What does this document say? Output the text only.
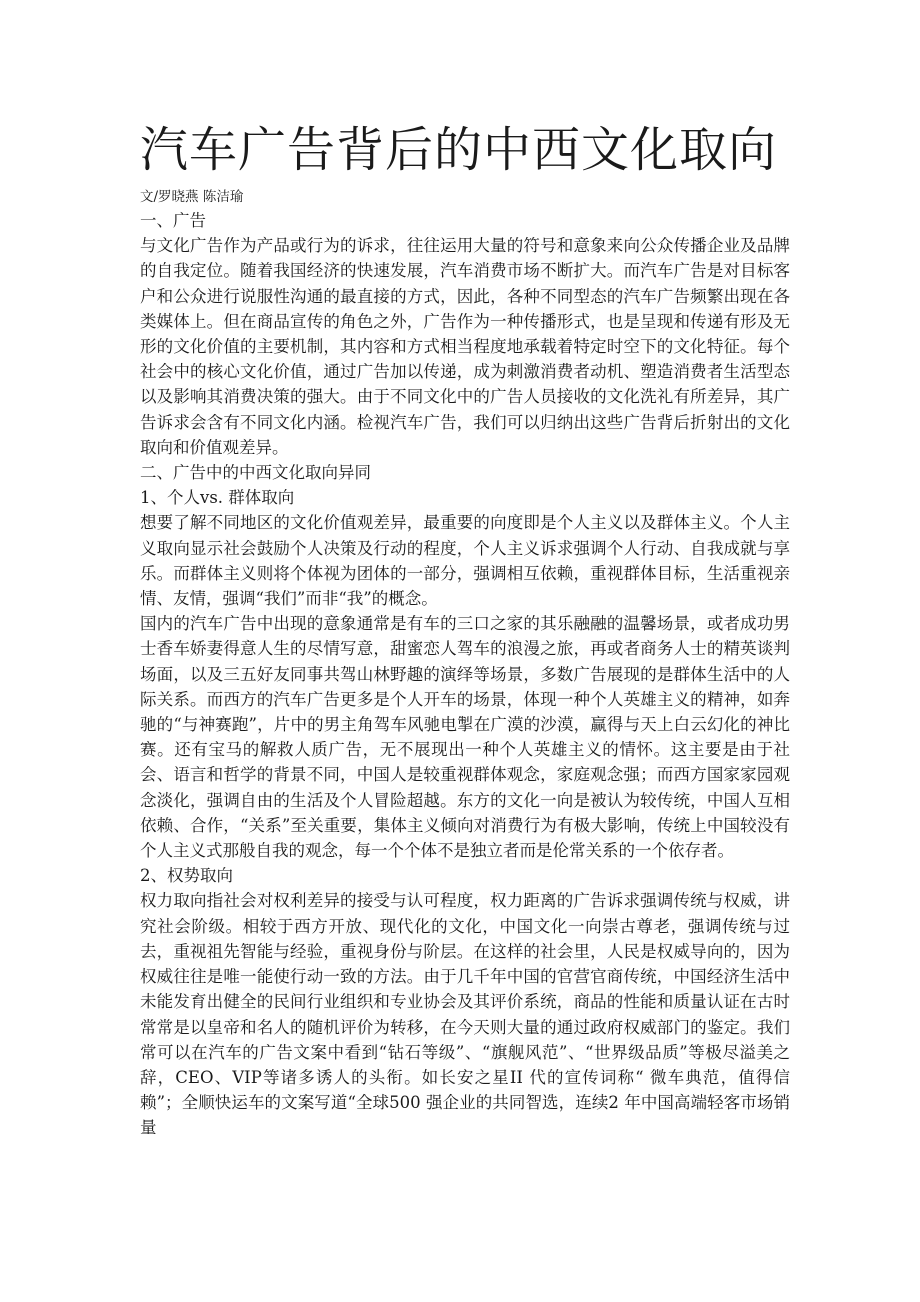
汽车广告背后的中西文化取向

文/罗晓燕 陈洁瑜

一、广告

与文化广告作为产品或行为的诉求，往往运用大量的符号和意象来向公众传播企业及品牌的自我定位。随着我国经济的快速发展，汽车消费市场不断扩大。而汽车广告是对目标客户和公众进行说服性沟通的最直接的方式，因此，各种不同型态的汽车广告频繁出现在各类媒体上。但在商品宣传的角色之外，广告作为一种传播形式，也是呈现和传递有形及无形的文化价值的主要机制，其内容和方式相当程度地承载着特定时空下的文化特征。每个社会中的核心文化价值，通过广告加以传递，成为刺激消费者动机、塑造消费者生活型态以及影响其消费决策的强大。由于不同文化中的广告人员接收的文化洗礼有所差异，其广告诉求会含有不同文化内涵。检视汽车广告，我们可以归纳出这些广告背后折射出的文化取向和价值观差异。

二、广告中的中西文化取向异同

1、个人vs. 群体取向

想要了解不同地区的文化价值观差异，最重要的向度即是个人主义以及群体主义。个人主义取向显示社会鼓励个人决策及行动的程度，个人主义诉求强调个人行动、自我成就与享乐。而群体主义则将个体视为团体的一部分，强调相互依赖，重视群体目标，生活重视亲情、友情，强调“我们”而非“我”的概念。

国内的汽车广告中出现的意象通常是有车的三口之家的其乐融融的温馨场景，或者成功男士香车娇妻得意人生的尽情写意，甜蜜恋人驾车的浪漫之旅，再或者商务人士的精英谈判场面，以及三五好友同事共驾山林野趣的演绎等场景，多数广告展现的是群体生活中的人际关系。而西方的汽车广告更多是个人开车的场景，体现一种个人英雄主义的精神，如奔驰的“与神赛跑”，片中的男主角驾车风驰电掣在广漠的沙漠，赢得与天上白云幻化的神比赛。还有宝马的解救人质广告，无不展现出一种个人英雄主义的情怀。这主要是由于社会、语言和哲学的背景不同，中国人是较重视群体观念，家庭观念强；而西方国家家园观念淡化，强调自由的生活及个人冒险超越。东方的文化一向是被认为较传统，中国人互相依赖、合作，“关系”至关重要，集体主义倾向对消费行为有极大影响，传统上中国较没有个人主义式那般自我的观念，每一个个体不是独立者而是伦常关系的一个依存者。

2、权势取向

权力取向指社会对权利差异的接受与认可程度，权力距离的广告诉求强调传统与权威，讲究社会阶级。相较于西方开放、现代化的文化，中国文化一向崇古尊老，强调传统与过去，重视祖先智能与经验，重视身份与阶层。在这样的社会里，人民是权威导向的，因为权威往往是唯一能使行动一致的方法。由于几千年中国的官营官商传统，中国经济生活中未能发育出健全的民间行业组织和专业协会及其评价系统，商品的性能和质量认证在古时常常是以皇帝和名人的随机评价为转移，在今天则大量的通过政府权威部门的鉴定。我们常可以在汽车的广告文案中看到“钻石等级”、“旗舰风范”、“世界级品质”等极尽溢美之辞，CEO、VIP等诸多诱人的头衔。如长安之星II 代的宣传词称“ 微车典范，值得信赖”；全顺快运车的文案写道“全球500 强企业的共同智选，连续2 年中国高端轻客市场销量
